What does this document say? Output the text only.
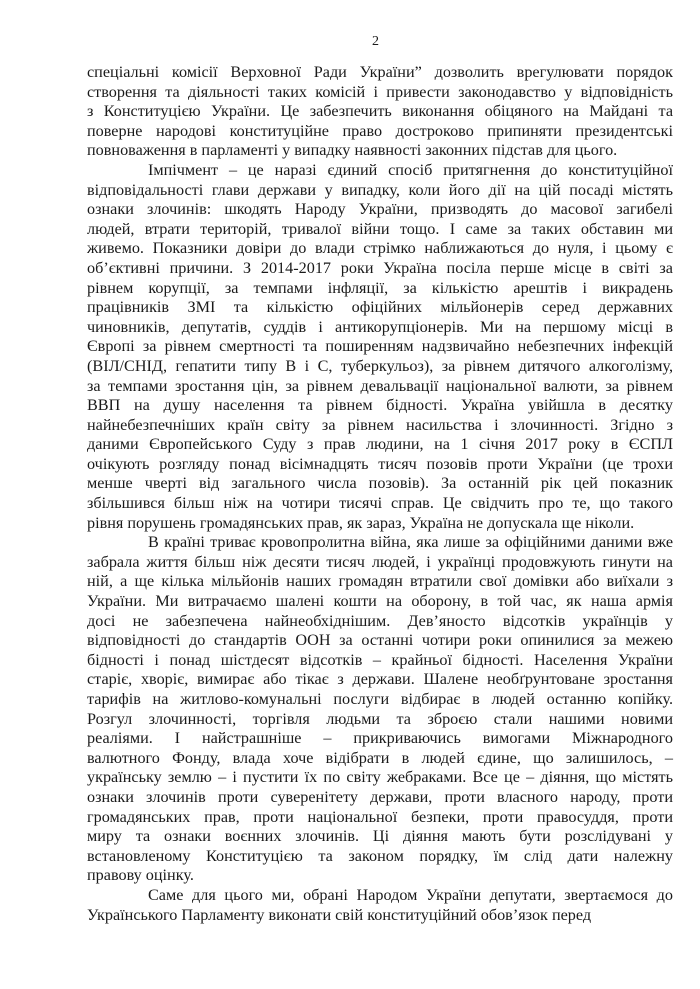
2
спеціальні комісії Верховної Ради України” дозволить врегулювати порядок
створення та діяльності таких комісій і привести законодавство у відповідність
з Конституцією України. Це забезпечить виконання обіцяного на Майдані та
поверне народові конституційне право достроково припиняти президентські
повноваження в парламенті у випадку наявності законних підстав для цього.
Імпічмент – це наразі єдиний спосіб притягнення до конституційної
відповідальності глави держави у випадку, коли його дії на цій посаді містять
ознаки злочинів: шкодять Народу України, призводять до масової загибелі
людей, втрати територій, тривалої війни тощо. І саме за таких обставин ми
живемо. Показники довіри до влади стрімко наближаються до нуля, і цьому є
об’єктивні причини. З 2014-2017 роки Україна посіла перше місце в світі за
рівнем корупції, за темпами інфляції, за кількістю арештів і викрадень
працівників ЗМІ та кількістю офіційних мільйонерів серед державних
чиновників, депутатів, суддів і антикорупціонерів. Ми на першому місці в
Європі за рівнем смертності та поширенням надзвичайно небезпечних інфекцій
(ВІЛ/СНІД, гепатити типу В і С, туберкульоз), за рівнем дитячого алкоголізму,
за темпами зростання цін, за рівнем девальвації національної валюти, за рівнем
ВВП на душу населення та рівнем бідності. Україна увійшла в десятку
найнебезпечніших країн світу за рівнем насильства і злочинності. Згідно з
даними Європейського Суду з прав людини, на 1 січня 2017 року в ЄСПЛ
очікують розгляду понад вісімнадцять тисяч позовів проти України (це трохи
менше чверті від загального числа позовів). За останній рік цей показник
збільшився більш ніж на чотири тисячі справ. Це свідчить про те, що такого
рівня порушень громадянських прав, як зараз, Україна не допускала ще ніколи.
В країні триває кровопролитна війна, яка лише за офіційними даними вже
забрала життя більш ніж десяти тисяч людей, і українці продовжують гинути на
ній, а ще кілька мільйонів наших громадян втратили свої домівки або виїхали з
України. Ми витрачаємо шалені кошти на оборону, в той час, як наша армія
досі не забезпечена найнеобхіднішим. Дев’яносто відсотків українців у
відповідності до стандартів ООН за останні чотири роки опинилися за межею
бідності і понад шістдесят відсотків – крайньої бідності. Населення України
старіє, хворіє, вимирає або тікає з держави. Шалене необґрунтоване зростання
тарифів на житлово-комунальні послуги відбирає в людей останню копійку.
Розгул злочинності, торгівля людьми та зброєю стали нашими новими
реаліями. І найстрашніше – прикриваючись вимогами Міжнародного
валютного Фонду, влада хоче відібрати в людей єдине, що залишилось, –
українську землю – і пустити їх по світу жебраками. Все це – діяння, що містять
ознаки злочинів проти суверенітету держави, проти власного народу, проти
громадянських прав, проти національної безпеки, проти правосуддя, проти
миру та ознаки воєнних злочинів. Ці діяння мають бути розслідувані у
встановленому Конституцією та законом порядку, їм слід дати належну
правову оцінку.
Саме для цього ми, обрані Народом України депутати, звертаємося до
Українського Парламенту виконати свій конституційний обов’язок перед
